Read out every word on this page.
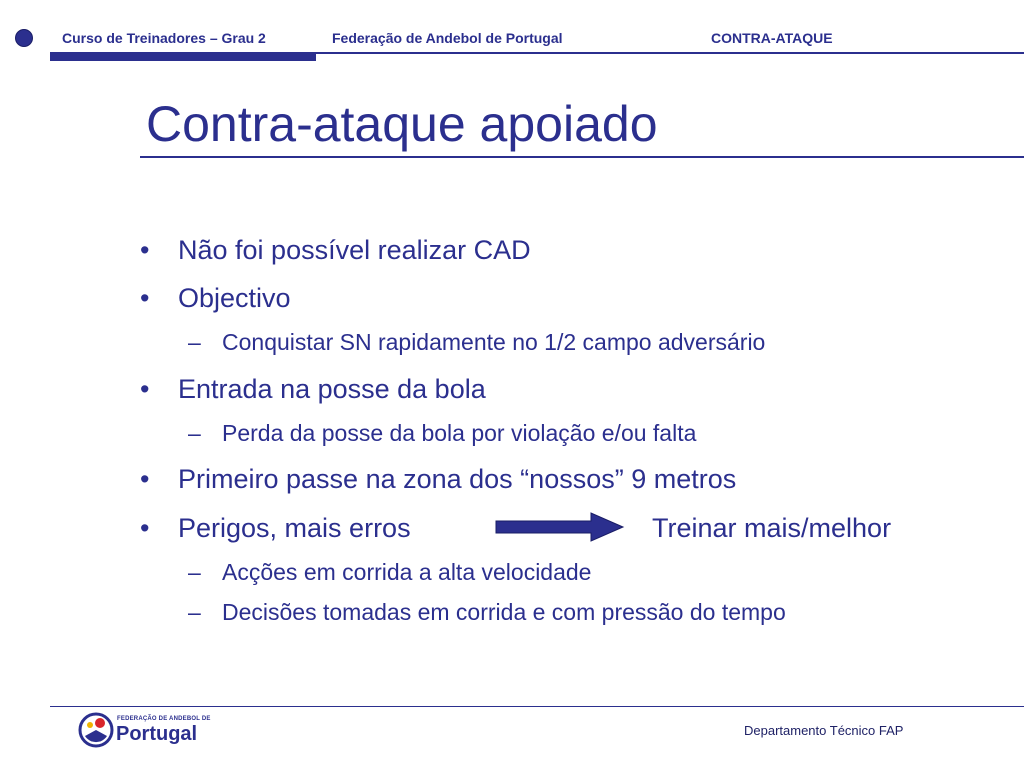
Curso de Treinadores – Grau 2	Federação de Andebol de Portugal	CONTRA-ATAQUE
Contra-ataque apoiado
• Não foi possível realizar CAD
• Objectivo
– Conquistar SN rapidamente no 1/2 campo adversário
• Entrada na posse da bola
– Perda da posse da bola por violação e/ou falta
• Primeiro passe na zona dos “nossos” 9 metros
• Perigos, mais erros
– Acções em corrida a alta velocidade
– Decisões tomadas em corrida e com pressão do tempo
Treinar mais/melhor
FEDERAÇÃO DE ANDEBOL DE
Portugal	Departamento Técnico FAP
